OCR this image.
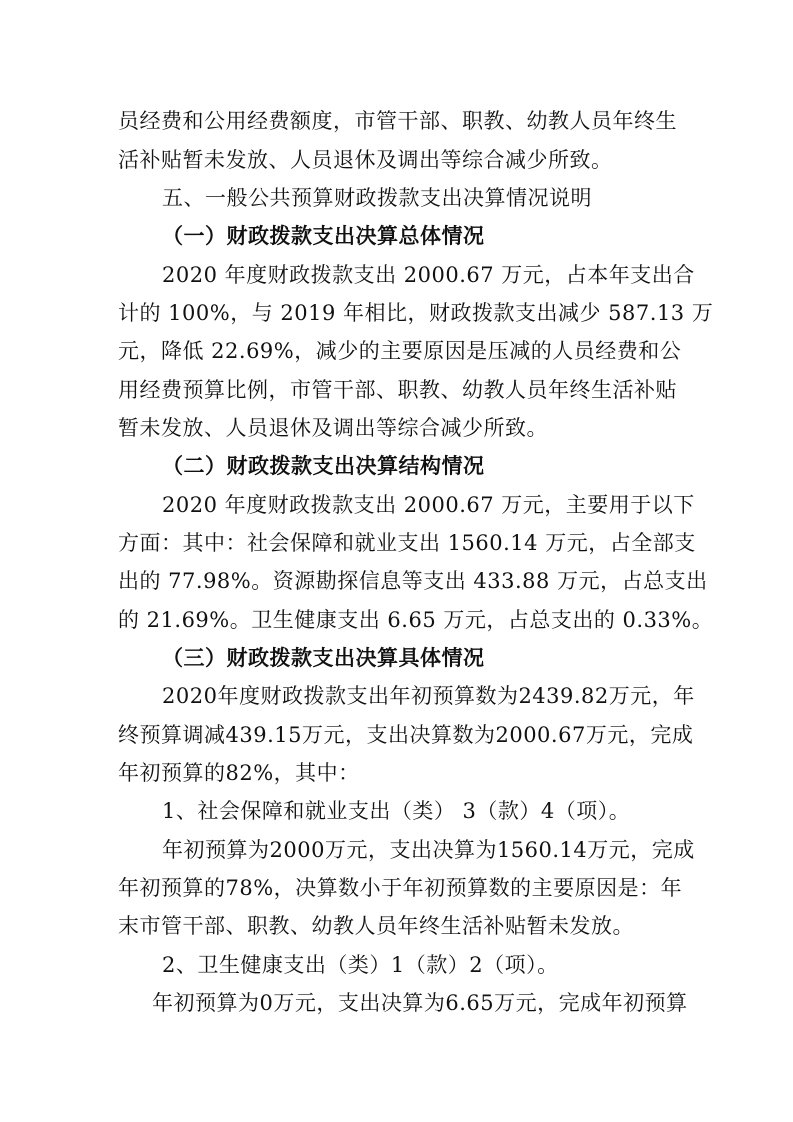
员经费和公用经费额度，市管干部、职教、幼教人员年终生
活补贴暂未发放、人员退休及调出等综合减少所致。
五、一般公共预算财政拨款支出决算情况说明
（一）财政拨款支出决算总体情况
2020 年度财政拨款支出 2000.67 万元，占本年支出合
计的 100%，与 2019 年相比，财政拨款支出减少 587.13 万
元，降低 22.69%，减少的主要原因是压减的人员经费和公
用经费预算比例，市管干部、职教、幼教人员年终生活补贴
暂未发放、人员退休及调出等综合减少所致。
（二）财政拨款支出决算结构情况
2020 年度财政拨款支出 2000.67 万元，主要用于以下
方面：其中：社会保障和就业支出 1560.14 万元，占全部支
出的 77.98%。资源勘探信息等支出 433.88 万元，占总支出
的 21.69%。卫生健康支出 6.65 万元，占总支出的 0.33%。
（三）财政拨款支出决算具体情况
2020年度财政拨款支出年初预算数为2439.82万元，年
终预算调减439.15万元，支出决算数为2000.67万元，完成
年初预算的82%，其中：
1、社会保障和就业支出（类） 3（款）4（项）。
年初预算为2000万元，支出决算为1560.14万元，完成
年初预算的78%，决算数小于年初预算数的主要原因是：年
末市管干部、职教、幼教人员年终生活补贴暂未发放。
2、卫生健康支出（类）1（款）2（项）。
年初预算为0万元，支出决算为6.65万元，完成年初预算
